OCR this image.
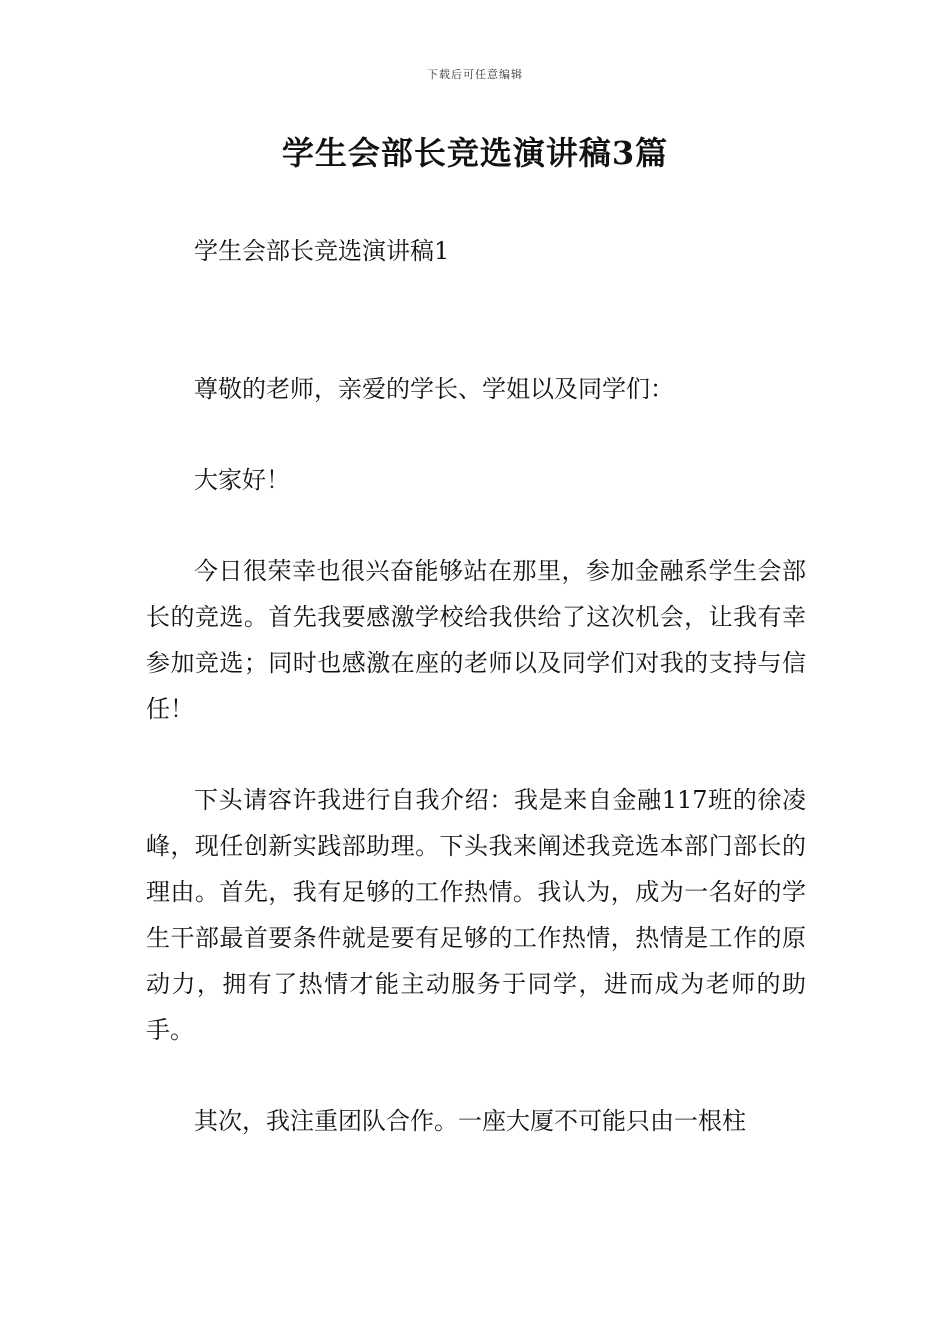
下载后可任意编辑
学生会部长竞选演讲稿3篇

学生会部长竞选演讲稿1

尊敬的老师，亲爱的学长、学姐以及同学们：

大家好！

今日很荣幸也很兴奋能够站在那里，参加金融系学生会部长的竞选。首先我要感激学校给我供给了这次机会，让我有幸参加竞选；同时也感激在座的老师以及同学们对我的支持与信任！

下头请容许我进行自我介绍：我是来自金融117班的徐凌峰，现任创新实践部助理。下头我来阐述我竞选本部门部长的理由。首先，我有足够的工作热情。我认为，成为一名好的学生干部最首要条件就是要有足够的工作热情，热情是工作的原动力，拥有了热情才能主动服务于同学，进而成为老师的助手。

其次，我注重团队合作。一座大厦不可能只由一根柱
